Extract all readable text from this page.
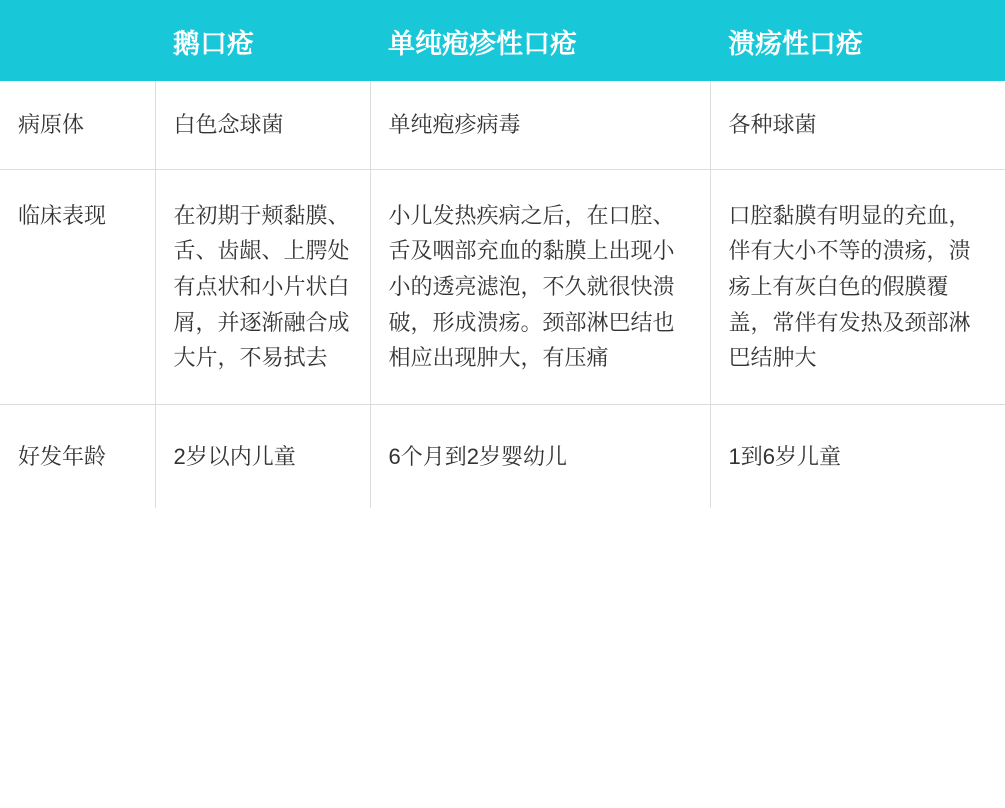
	鹅口疮	单纯疱疹性口疮	溃疡性口疮

病原体	白色念球菌	单纯疱疹病毒	各种球菌

临床表现	在初期于颊黏膜、舌、齿龈、上腭处有点状和小片状白屑，并逐渐融合成大片，不易拭去	小儿发热疾病之后，在口腔、舌及咽部充血的黏膜上出现小小的透亮滤泡，不久就很快溃破，形成溃疡。颈部淋巴结也相应出现肿大，有压痛	口腔黏膜有明显的充血，伴有大小不等的溃疡，溃疡上有灰白色的假膜覆盖，常伴有发热及颈部淋巴结肿大

好发年龄	2岁以内儿童	6个月到2岁婴幼儿	1到6岁儿童
